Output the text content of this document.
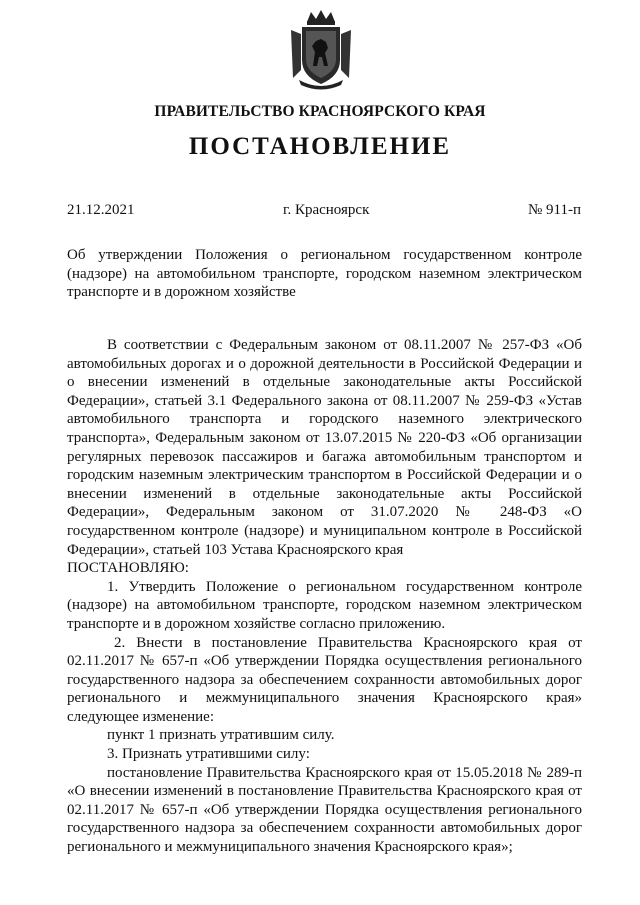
ПРАВИТЕЛЬСТВО КРАСНОЯРСКОГО КРАЯ
ПОСТАНОВЛЕНИЕ
21.12.2021	г. Красноярск	№ 911-п
Об утверждении Положения о региональном государственном контроле (надзоре) на автомобильном транспорте, городском наземном электрическом транспорте и в дорожном хозяйстве

В соответствии с Федеральным законом от 08.11.2007 № 257-ФЗ «Об автомобильных дорогах и о дорожной деятельности в Российской Федерации и о внесении изменений в отдельные законодательные акты Российской Федерации», статьей 3.1 Федерального закона от 08.11.2007 № 259-ФЗ «Устав автомобильного транспорта и городского наземного электрического транспорта», Федеральным законом от 13.07.2015 № 220-ФЗ «Об организации регулярных перевозок пассажиров и багажа автомобильным транспортом и городским наземным электрическим транспортом в Российской Федерации и о внесении изменений в отдельные законодательные акты Российской Федерации», Федеральным законом от 31.07.2020 № 248-ФЗ «О государственном контроле (надзоре) и муниципальном контроле в Российской Федерации», статьей 103 Устава Красноярского края

ПОСТАНОВЛЯЮ:

1. Утвердить Положение о региональном государственном контроле (надзоре) на автомобильном транспорте, городском наземном электрическом транспорте и в дорожном хозяйстве согласно приложению.

2. Внести в постановление Правительства Красноярского края от 02.11.2017 № 657-п «Об утверждении Порядка осуществления регионального государственного надзора за обеспечением сохранности автомобильных дорог регионального и межмуниципального значения Красноярского края» следующее изменение:

пункт 1 признать утратившим силу.

3. Признать утратившими силу:

постановление Правительства Красноярского края от 15.05.2018 № 289-п «О внесении изменений в постановление Правительства Красноярского края от 02.11.2017 № 657-п «Об утверждении Порядка осуществления регионального государственного надзора за обеспечением сохранности автомобильных дорог регионального и межмуниципального значения Красноярского края»;
